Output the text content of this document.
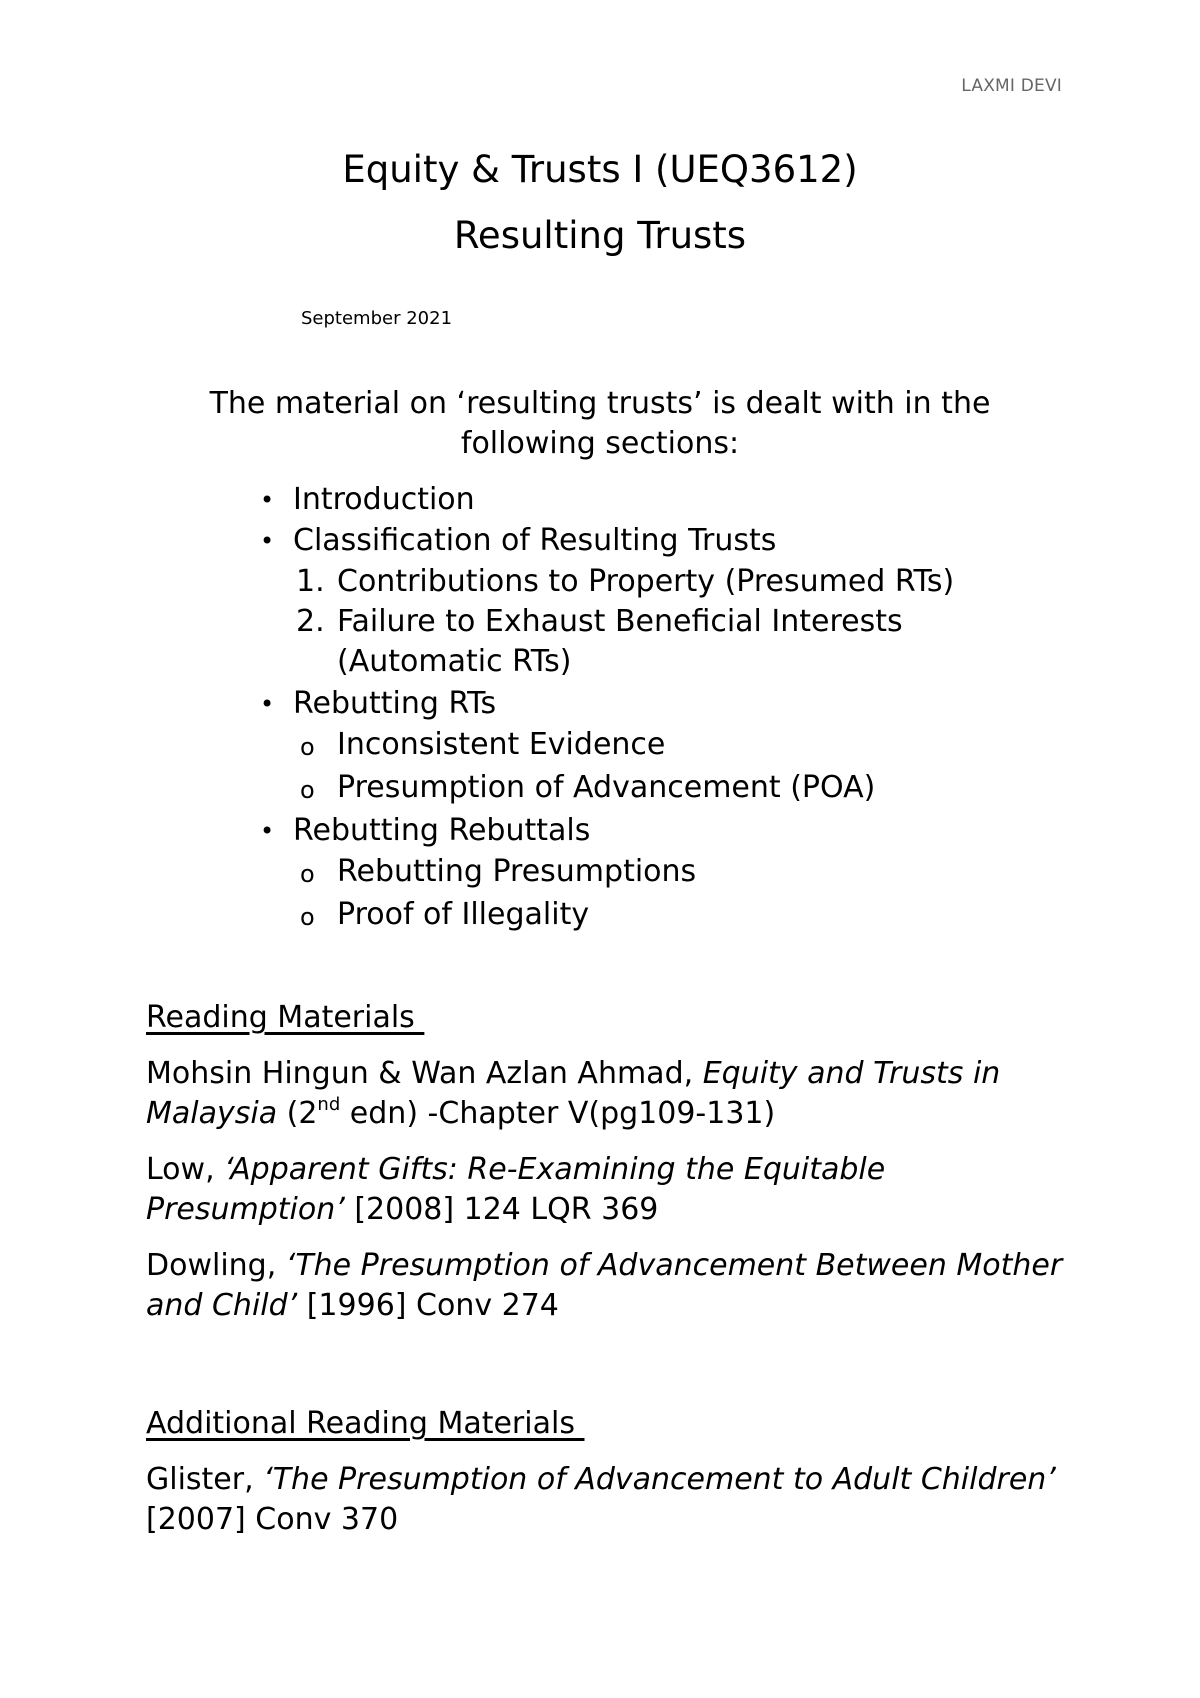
LAXMI DEVI
Equity & Trusts I (UEQ3612)
Resulting Trusts
September 2021
The material on ‘resulting trusts’ is dealt with in the following sections:
• Introduction
• Classification of Resulting Trusts
1. Contributions to Property (Presumed RTs)
2. Failure to Exhaust Beneficial Interests (Automatic RTs)
• Rebutting RTs
o Inconsistent Evidence
o Presumption of Advancement (POA)
• Rebutting Rebuttals
o Rebutting Presumptions
o Proof of Illegality
Reading Materials
Mohsin Hingun & Wan Azlan Ahmad, Equity and Trusts in Malaysia (2nd edn) -Chapter V(pg109-131)
Low, ‘Apparent Gifts: Re-Examining the Equitable Presumption’ [2008] 124 LQR 369
Dowling, ‘The Presumption of Advancement Between Mother and Child’ [1996] Conv 274
Additional Reading Materials
Glister, ‘The Presumption of Advancement to Adult Children’ [2007] Conv 370
